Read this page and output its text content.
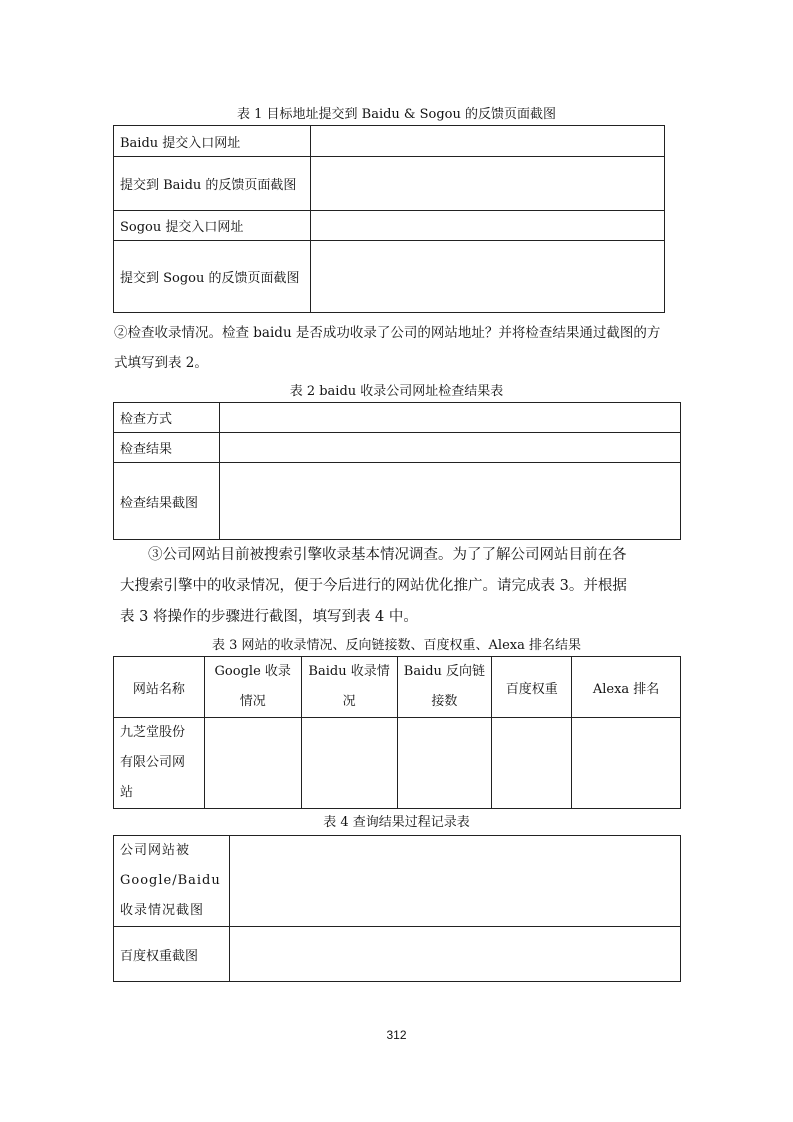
表 1 目标地址提交到 Baidu & Sogou 的反馈页面截图
Baidu 提交入口网址	
提交到 Baidu 的反馈页面截图	
Sogou 提交入口网址	
提交到 Sogou 的反馈页面截图	
②检查收录情况。检查 baidu 是否成功收录了公司的网站地址？并将检查结果通过截图的方
式填写到表 2。
表 2 baidu 收录公司网址检查结果表
检查方式	
检查结果	
检查结果截图	
③公司网站目前被搜索引擎收录基本情况调查。为了了解公司网站目前在各
大搜索引擎中的收录情况，便于今后进行的网站优化推广。请完成表 3。并根据
表 3 将操作的步骤进行截图，填写到表 4 中。
表 3 网站的收录情况、反向链接数、百度权重、Alexa 排名结果
网站名称	Google 收录情况	Baidu 收录情况	Baidu 反向链接数	百度权重	Alexa 排名
九芝堂股份有限公司网站					
表 4 查询结果过程记录表
公司网站被Google/Baidu收录情况截图	
百度权重截图	
312
